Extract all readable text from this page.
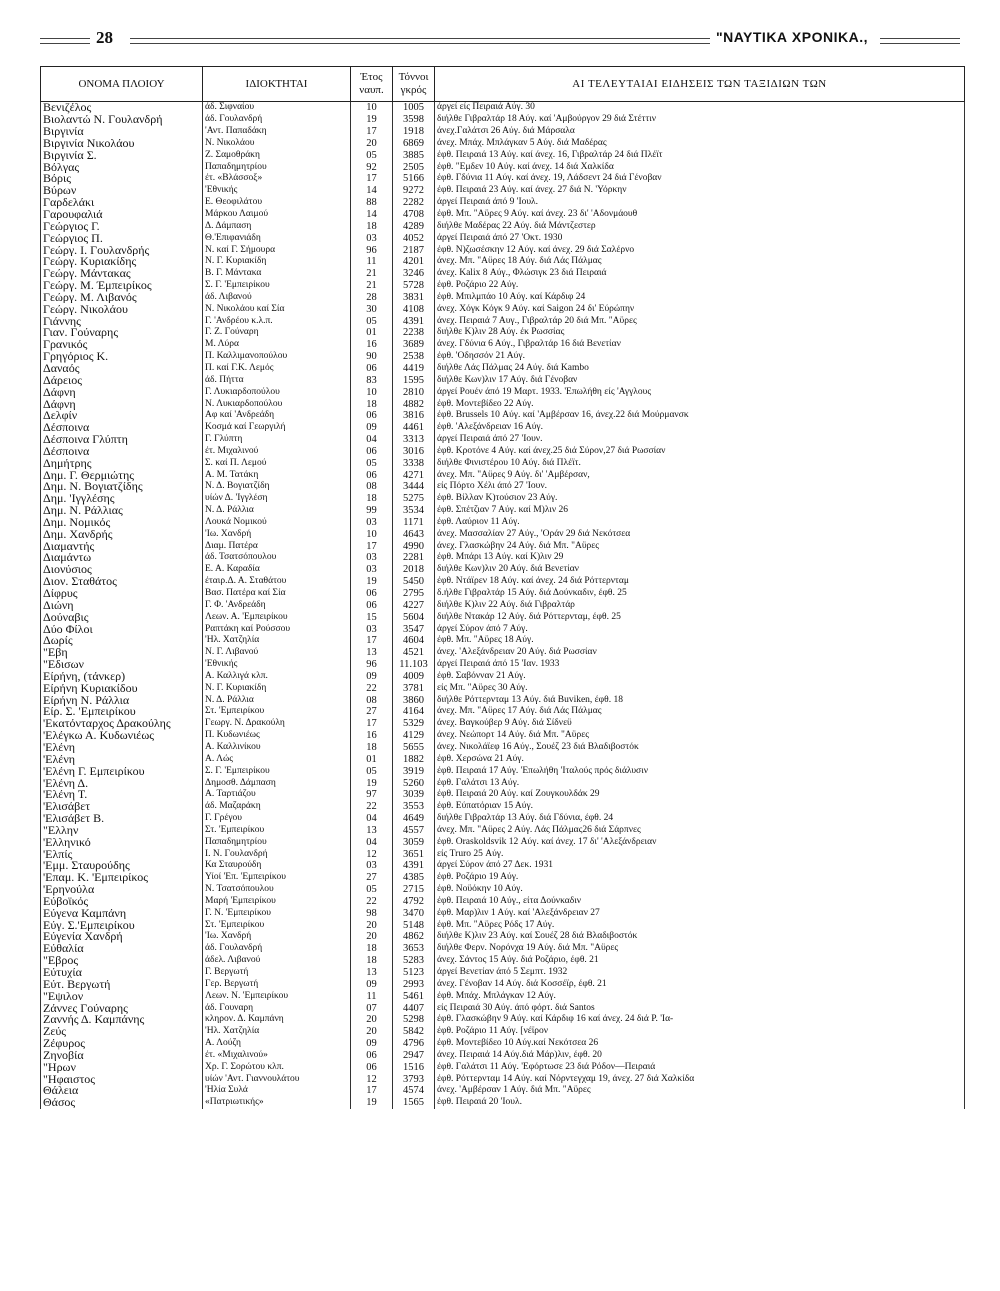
28	"ΝΑΥΤΙΚΑ ΧΡΟΝΙΚΑ.,
ΟΝΟΜΑ ΠΛΟΙΟΥ	ΙΔΙΟΚΤΗΤΑΙ	Έτος ναυπ.	Τόννοι γκρός	ΑΙ ΤΕΛΕΥΤΑΙΑΙ ΕΙΔΗΣΕΙΣ ΤΩΝ ΤΑΞΙΔΙΩΝ ΤΩΝ
Βενιζέλος	άδ. Σιφναίου	10	1005	άργεί είς Πειραιά Αύγ. 30
Βιολαντώ Ν. Γουλανδρή	άδ. Γουλανδρή	19	3598	διήλθε Γιβραλτάρ 18 Αύγ. καί 'Αμβούργον 29 διά Στέττιν
Βιργινία	'Αντ. Παπαδάκη	17	1918	άνεχ.Γαλάτσι 26 Αύγ. διά Μάρσαλα
Βιργινία Νικολάου	Ν. Νικολάου	20	6869	άνεχ. Μπάχ. Μπλάγκαν 5 Αύγ. διά Μαδέρας
Βιργινία Σ.	Ζ. Σαμοθράκη	05	3885	έφθ. Πειραιά 13 Αύγ. καί άνεχ. 16, Γιβραλτάρ 24 διά Πλέϊτ
Βόλγας	Παπαδημητρίου	92	2505	έφθ. "Εμδεν 10 Αύγ. καί άνεχ. 14 διά Χαλκίδα
Βόρις	έτ. «Βλάσσοξ»	17	5166	έφθ. Γδύνια 11 Αύγ. καί άνεχ. 19, Λάδσεντ 24 διά Γένοβαν
Βύρων	'Εθνικής	14	9272	έφθ. Πειραιά 23 Αύγ. καί άνεχ. 27 διά Ν. 'Υόρκην
Γαρδελάκι	Ε. Θεοφιλάτου	88	2282	άργεί Πειραιά άπό 9 'Ιουλ.
Γαρουφαλιά	Μάρκου Λαιμού	14	4708	έφθ. Μπ. "Αϋρες 9 Αύγ. καί άνεχ. 23 δι' 'Αδονμάουθ
Γεώργιος Γ.	Δ. Δάμπαση	18	4289	διήλθε Μαδέρας 22 Αύγ. διά Μάντζεστερ
Γεώργιος Π.	Θ.'Επιφανιάδη	03	4052	άργεί Πειραιά άπό 27 'Οκτ. 1930
Γεώργ. Ι. Γουλανδρής	Ν. καί Γ. Σήμουρα	96	2187	έφθ. Ν)ζωσέσκην 12 Αύγ. καί άνεχ. 29 διά Σαλέρνο
Γεώργ. Κυριακίδης	Ν. Γ. Κυριακίδη	11	4201	άνεχ. Μπ. "Αϋρες 18 Αύγ. διά Λάς Πάλμας
Γεώργ. Μάντακας	Β. Γ. Μάντακα	21	3246	άνεχ. Kalix 8 Αύγ., Φλώσιγκ 23 διά Πειραιά
Γεώργ. Μ. Έμπειρίκος	Σ. Γ. 'Εμπειρίκου	21	5728	έφθ. Ροζάριο 22 Αύγ.
Γεώργ. Μ. Λιβανός	άδ. Λιβανού	28	3831	έφθ. Μπιλμπάο 10 Αύγ. καί Κάρδιφ 24
Γεώργ. Νικολάου	Ν. Νικολάου καί Σία	30	4108	άνεχ. Χόγκ Κόγκ 9 Αύγ. καί Saigon 24 δι' Εύρώπην
Γιάννης	Γ. 'Ανδρέου κ.λ.π.	05	4391	άνεχ. Πειραιά 7 Αυγ., Γιβραλτάρ 20 διά Μπ. "Αϋρες
Γιαν. Γούναρης	Γ. Ζ. Γούναρη	01	2238	διήλθε Κ)λιν 28 Αύγ. έκ Ρωσσίας
Γρανικός	Μ. Λύρα	16	3689	άνεχ. Γδύνια 6 Αύγ., Γιβραλτάρ 16 διά Βενετίαν
Γρηγόριος Κ.	Π. Καλλιμανοπούλου	90	2538	έφθ. 'Οδησσόν 21 Αύγ.
Δαναός	Π. καί Γ.Κ. Λεμός	06	4419	διήλθε Λάς Πάλμας 24 Αύγ. διά Kambo
Δάρειος	άδ. Πήττα	83	1595	διήλθε Κων)λιν 17 Αύγ. διά Γένοβαν
Δάφνη	Γ. Λυκιαρδοπούλου	10	2810	άργεί Ρουέν άπό 19 Μαρτ. 1933. 'Επωλήθη είς 'Αγγλους
Δάφνη	Ν. Λυκιαρδοπούλου	18	4882	έφθ. Μοντεβίδεο 22 Αύγ.
Δελφίν	Αφ καί 'Ανδρεάδη	06	3816	έφθ. Brussels 10 Αύγ. καί 'Αμβέρσαν 16, άνεχ.22 διά Μούρμανσκ
Δέσποινα	Κοσμά καί Γεωργιλή	09	4461	έφθ. 'Αλεξάνδρειαν 16 Αύγ.
Δέσποινα Γλύπτη	Γ. Γλύπτη	04	3313	άργεί Πειραιά άπό 27 'Ιουν.
Δέσποινα	έτ. Μιχαλινού	06	3016	έφθ. Κροτόνε 4 Αύγ. καί άνεχ.25 διά Σύρον,27 διά Ρωσσίαν
Δημήτρης	Σ. καί Π. Λεμού	05	3338	διήλθε Φινιστέρου 10 Αύγ. διά Πλέϊτ.
Δημ. Γ. Θερμιώτης	Α. Μ. Τατάκη	06	4271	άνεχ. Μπ. "Αϋρες 9 Αύγ. δι' 'Αμβέρσαν,
Δημ. Ν. Βογιατζίδης	Ν. Δ. Βογιατζίδη	08	3444	είς Πόρτο Χέλι άπό 27 'Ιουν.
Δημ. 'Ιγγλέσης	υίών Δ. 'Ιγγλέση	18	5275	έφθ. Βίλλαν Κ)τούσιον 23 Αύγ.
Δημ. Ν. Ράλλιας	Ν. Δ. Ράλλια	99	3534	έφθ. Σπέτζιαν 7 Αύγ. καί Μ)λιν 26
Δημ. Νομικός	Λουκά Νομικού	03	1171	έφθ. Λαύριον 11 Αύγ.
Δημ. Χανδρής	'Ιω. Χανδρή	10	4643	άνεχ. Μασσαλίαν 27 Αύγ., 'Οράν 29 διά Νεκότσεα
Διαμαντής	Διαμ. Πατέρα	17	4990	άνεχ. Γλασκώβην 24 Αύγ. διά Μπ. "Αϋρες
Διαμάντω	άδ. Τσατσόπουλου	03	2281	έφθ. Μπάρι 13 Αύγ. καί Κ)λιν 29
Διονύσιος	Ε. Α. Καραδία	03	2018	διήλθε Κων)λιν 20 Αύγ. διά Βενετίαν
Διον. Σταθάτος	έταιρ.Δ. Α. Σταθάτου	19	5450	έφθ. Ντάϊρεν 18 Αύγ. καί άνεχ. 24 διά Ρόττερνταμ
Δίφρυς	Βασ. Πατέρα καί Σία	06	2795	δ.ήλθε Γιβραλτάρ 15 Αύγ. διά Δούνκαδιν, έφθ. 25
Διώνη	Γ. Φ. 'Ανδρεάδη	06	4227	διήλθε Κ)λιν 22 Αύγ. διά Γιβραλτάρ
Δούναβις	Λεων. Α. 'Εμπειρίκου	15	5604	διήλθε Ντακάρ 12 Αύγ. διά Ρόττερνταμ, έφθ. 25
Δύο Φίλοι	Ραπτάκη καί Ρούσσου	03	3547	άργεί Σύρον άπό 7 Αύγ.
Δωρίς	'Ηλ. Χατζηλία	17	4604	έφθ. Μπ. "Αϋρες 18 Αύγ.
"Εβη	Ν. Γ. Λιβανού	13	4521	άνεχ. 'Αλεξάνδρειαν 20 Αύγ. διά Ρωσσίαν
"Εδισων	'Εθνικής	96	11.103	άργεί Πειραιά άπό 15 'Ιαν. 1933
Είρήνη, (τάνκερ)	Α. Καλλιγά κλπ.	09	4009	έφθ. Σαβόνναν 21 Αύγ.
Είρήνη Κυριακίδου	Ν. Γ. Κυριακίδη	22	3781	είς Μπ. "Αϋρες 30 Αύγ.
Είρήνη Ν. Ράλλια	Ν. Δ. Ράλλια	08	3860	διήλθε Ρόττερνταμ 13 Αύγ. διά Buviken, έφθ. 18
Είρ. Σ. 'Εμπειρίκου	Στ. 'Εμπειρίκου	27	4164	άνεχ. Μπ. "Αϋρες 17 Αύγ. διά Λάς Πάλμας
'Εκατόνταρχος Δρακούλης	Γεωργ. Ν. Δρακούλη	17	5329	άνεχ. Βαγκούβερ 9 Αύγ. διά Σίδνεϋ
'Ελέγκω Α. Κυδωνιέως	Π. Κυδωνιέως	16	4129	άνεχ. Νεώπορτ 14 Αύγ. διά Μπ. "Αϋρες
'Ελένη	Α. Καλλινίκου	18	5655	άνεχ. Νικολάϊεφ 16 Αύγ., Σουέζ 23 διά Βλαδιβοστόκ
'Ελένη	Α. Λώς	01	1882	έφθ. Χερσώνα 21 Αύγ.
'Ελένη Γ. Εμπειρίκου	Σ. Γ. 'Εμπειρίκου	05	3919	έφθ. Πειραιά 17 Αύγ. 'Επωλήθη 'Ιταλούς πρός διάλυσιν
'Ελένη Δ.	Δημοσθ. Δάμπαση	19	5260	έφθ. Γαλάτσι 13 Αύγ.
'Ελένη Τ.	Α. Ταρτιάζου	97	3039	έφθ. Πειραιά 20 Αύγ. καί Ζουγκουλδάκ 29
'Ελισάβετ	άδ. Μαζαράκη	22	3553	έφθ. Εύπατόριαν 15 Αύγ.
'Ελισάβετ Β.	Γ. Γρέγου	04	4649	διήλθε Γιβραλτάρ 13 Αύγ. διά Γδύνια, έφθ. 24
"Ελλην	Στ. 'Εμπειρίκου	13	4557	άνεχ. Μπ. "Αϋρες 2 Αύγ. Λάς Πάλμας26 διά Σάρπνες
'Ελληνικό	Παπαδημητρίου	04	3059	έφθ. Oraskoldsvik 12 Αύγ. καί άνεχ. 17 δι' 'Αλεξάνδρειαν
'Ελπίς	Ι. Ν. Γουλανδρή	12	3651	είς Truro 25 Αύγ.
'Εμμ. Σταυρούδης	Κα Σταυρούδη	03	4391	άργεί Σύρον άπό 27 Δεκ. 1931
'Επαμ. Κ. 'Εμπειρίκος	Υίοί 'Επ. 'Εμπειρίκου	27	4385	έφθ. Ροζάριο 19 Αύγ.
'Ερηνούλα	Ν. Τσατσόπουλου	05	2715	έφθ. Νοϋόκην 10 Αύγ.
Εύβοϊκός	Μαρή 'Εμπειρίκου	22	4792	έφθ. Πειραιά 10 Αύγ., είτα Δούνκαδιν
Εύγενα Καμπάνη	Γ. Ν. 'Εμπειρίκου	98	3470	έφθ. Μαρ)λιν 1 Αύγ. καί 'Αλεξάνδρειαν 27
Εύγ. Σ.'Εμπειρίκου	Στ. 'Εμπειρίκου	20	5148	έφθ. Μπ. "Αϋρες Ρόδς 17 Αύγ.
Εύγενία Χανδρή	'Ιω. Χανδρή	20	4862	διήλθε Κ)λιν 23 Αύγ. καί Σουέζ 28 διά Βλαδιβοστόκ
Εύθαλία	άδ. Γουλανδρή	18	3653	διήλθε Φερν. Νορόνχα 19 Αύγ. διά Μπ. "Αϋρες
"Εβρος	άδελ. Λιβανού	18	5283	άνεχ. Σάντος 15 Αύγ. διά Ροζάριο, έφθ. 21
Εύτυχία	Γ. Βεργωτή	13	5123	άργεί Βενετίαν άπό 5 Σεμπτ. 1932
Εύτ. Βεργωτή	Γερ. Βεργωτή	09	2993	άνεχ. Γένοβαν 14 Αύγ. διά Κοσσέϊρ, έφθ. 21
"Εψιλον	Λεων. Ν. 'Εμπειρίκου	11	5461	έφθ. Μπάχ. Μπλάγκαν 12 Αύγ.
Ζάννες Γούναρης	άδ. Γουναρη	07	4407	είς Πειραιά 30 Αύγ. άπό φόρτ. διά Santos
Ζαννής Δ. Καμπάνης	κληρον. Δ. Καμπάνη	20	5298	έφθ. Γλασκώβην 9 Αύγ. καί Κάρδιφ 16 καί άνεχ. 24 διά Ρ. 'Ια-
Ζεύς	'Ηλ. Χατζηλία	20	5842	έφθ. Ροζάριο 11 Αύγ. [νέϊρον
Ζέφυρος	Α. Λούζη	09	4796	έφθ. Μοντεβίδεο 10 Αύγ.καί Νεκότσεα 26
Ζηνοβία	έτ. «Μιχαλινού»	06	2947	άνεχ. Πειραιά 14 Αύγ.διά Μάρ)λιν, έφθ. 20
"Ηρων	Χρ. Γ. Σορώτου κλπ.	06	1516	έφθ. Γαλάτσι 11 Αύγ. 'Εφόρτωσε 23 διά Ρόδον—Πειραιά
"Ηφαιστος	υίών 'Αντ. Γιαννουλάτου	12	3793	έφθ. Ρόττερνταμ 14 Αύγ. καί Νόρντεγχαμ 19, άνεχ. 27 διά Χαλκίδα
Θάλεια	'Ηλία Συλά	17	4574	άνεχ. 'Αμβέρσαν 1 Αύγ. διά Μπ. "Αϋρες
Θάσος	«Πατριωτικής»	19	1565	έφθ. Πειραιά 20 'Ιουλ.
